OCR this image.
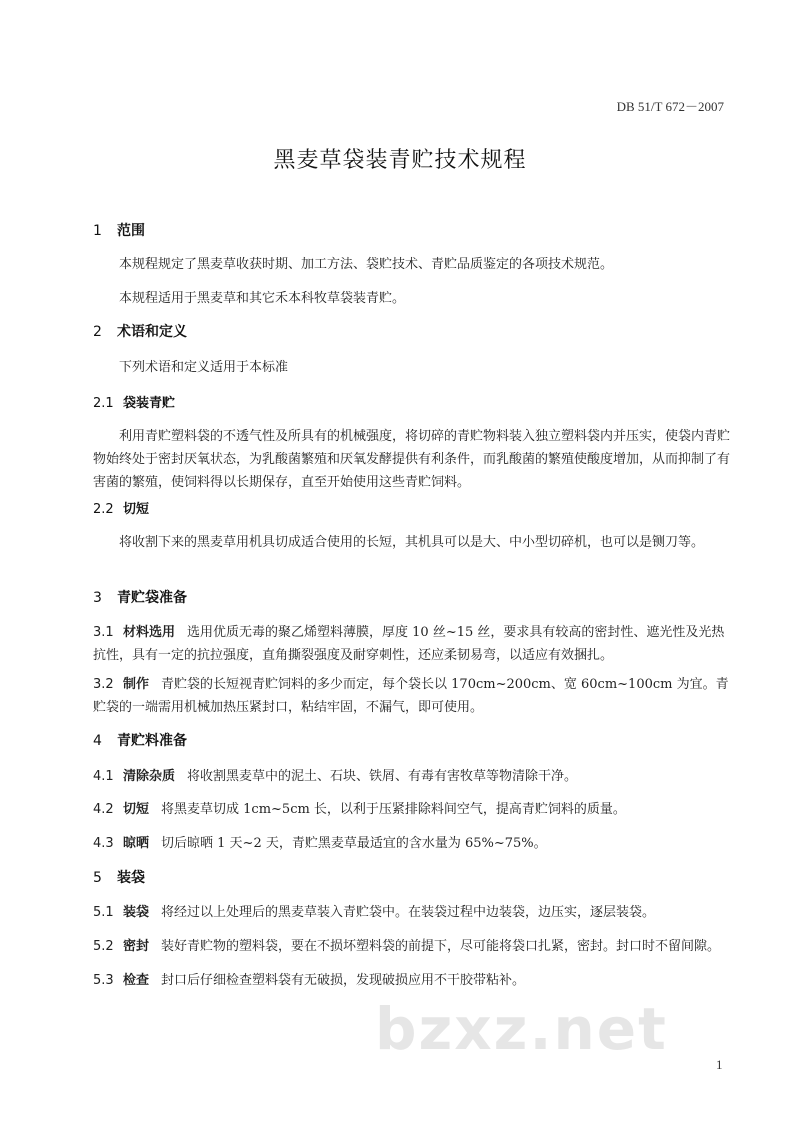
DB 51/T 672－2007
黑麦草袋装青贮技术规程
1 范围
本规程规定了黑麦草收获时期、加工方法、袋贮技术、青贮品质鉴定的各项技术规范。
本规程适用于黑麦草和其它禾本科牧草袋装青贮。
2 术语和定义
下列术语和定义适用于本标准
2.1 袋装青贮
利用青贮塑料袋的不透气性及所具有的机械强度，将切碎的青贮物料装入独立塑料袋内并压实，使袋内青贮物始终处于密封厌氧状态，为乳酸菌繁殖和厌氧发酵提供有利条件，而乳酸菌的繁殖使酸度增加，从而抑制了有害菌的繁殖，使饲料得以长期保存，直至开始使用这些青贮饲料。
2.2 切短
将收割下来的黑麦草用机具切成适合使用的长短，其机具可以是大、中小型切碎机，也可以是铡刀等。
3 青贮袋准备
3.1 材料选用 选用优质无毒的聚乙烯塑料薄膜，厚度 10 丝~15 丝，要求具有较高的密封性、遮光性及光热抗性，具有一定的抗拉强度，直角撕裂强度及耐穿刺性，还应柔韧易弯，以适应有效捆扎。
3.2 制作 青贮袋的长短视青贮饲料的多少而定，每个袋长以 170cm~200cm、宽 60cm~100cm 为宜。青贮袋的一端需用机械加热压紧封口，粘结牢固，不漏气，即可使用。
4 青贮料准备
4.1 清除杂质 将收割黑麦草中的泥土、石块、铁屑、有毒有害牧草等物清除干净。
4.2 切短 将黑麦草切成 1cm~5cm 长，以利于压紧排除料间空气，提高青贮饲料的质量。
4.3 晾晒 切后晾晒 1 天~2 天，青贮黑麦草最适宜的含水量为 65%~75%。
5 装袋
5.1 装袋 将经过以上处理后的黑麦草装入青贮袋中。在装袋过程中边装袋，边压实，逐层装袋。
5.2 密封 装好青贮物的塑料袋，要在不损坏塑料袋的前提下，尽可能将袋口扎紧，密封。封口时不留间隙。
5.3 检查 封口后仔细检查塑料袋有无破损，发现破损应用不干胶带粘补。
bzxz.net
1
